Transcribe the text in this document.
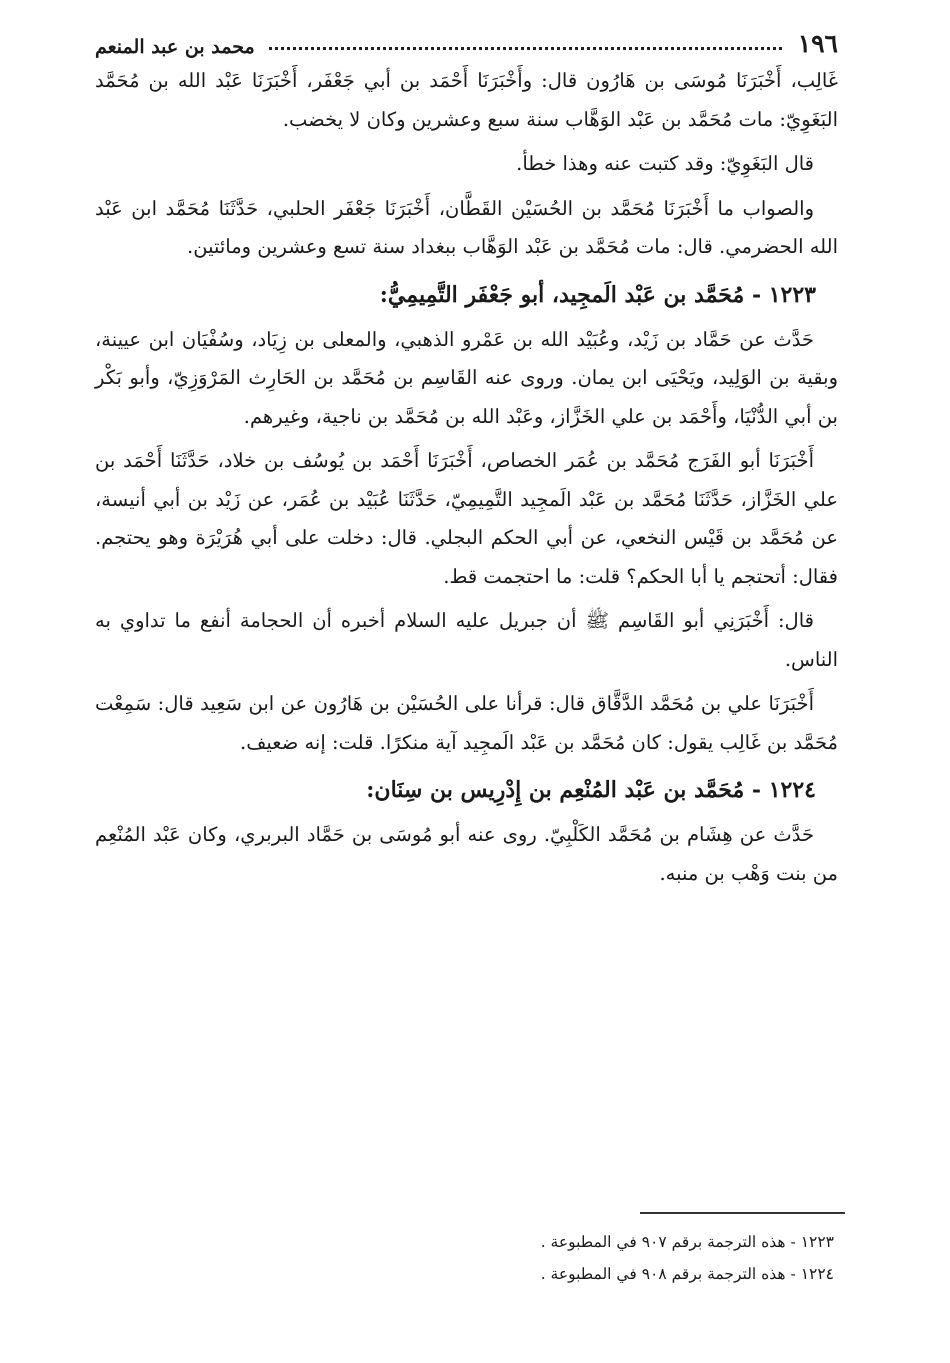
١٩٦
محمد بن عبد المنعم

غَالِب، أَخْبَرَنَا مُوسَى بن هَارُون قال: وأَخْبَرَنَا أَحْمَد بن أبي جَعْفَر، أَخْبَرَنَا عَبْد الله بن مُحَمَّد البَغَوِيّ: مات مُحَمَّد بن عَبْد الوَهَّاب سنة سبع وعشرين وكان لا يخضب.

قال البَغَوِيّ: وقد كتبت عنه وهذا خطأ.

والصواب ما أَخْبَرَنَا مُحَمَّد بن الحُسَيْن القَطَّان، أَخْبَرَنَا جَعْفَر الحلبي، حَدَّثَنَا مُحَمَّد ابن عَبْد الله الحضرمي. قال: مات مُحَمَّد بن عَبْد الوَهَّاب ببغداد سنة تسع وعشرين ومائتين.

١٢٢٣ - مُحَمَّد بن عَبْد الَمجِيد، أبو جَعْفَر التَّمِيمِيُّ:

حَدَّث عن حَمَّاد بن زَيْد، وعُبَيْد الله بن عَمْرو الذهبي، والمعلى بن زِيَاد، وسُفْيَان ابن عيينة، وبقية بن الوَلِيد، ويَحْيَى ابن يمان. وروى عنه القَاسِم بن مُحَمَّد بن الحَارِث المَرْوَزِيّ، وأبو بَكْر بن أبي الدُّنْيَا، وأَحْمَد بن علي الخَزَّاز، وعَبْد الله بن مُحَمَّد بن ناجية، وغيرهم.

أَخْبَرَنَا أبو الفَرَج مُحَمَّد بن عُمَر الخصاص، أَخْبَرَنَا أَحْمَد بن يُوسُف بن خلاد، حَدَّثَنَا أَحْمَد بن علي الخَزَّاز، حَدَّثَنَا مُحَمَّد بن عَبْد الَمجِيد التَّمِيمِيّ، حَدَّثَنَا عُبَيْد بن عُمَر، عن زَيْد بن أبي أنيسة، عن مُحَمَّد بن قَيْس النخعي، عن أبي الحكم البجلي. قال: دخلت على أبي هُرَيْرَة وهو يحتجم. فقال: أتحتجم يا أبا الحكم؟ قلت: ما احتجمت قط.

قال: أَخْبَرَنِي أبو القَاسِم ﷺ أن جبريل عليه السلام أخبره أن الحجامة أنفع ما تداوي به الناس.

أَخْبَرَنَا علي بن مُحَمَّد الدَّقَّاق قال: قرأنا على الحُسَيْن بن هَارُون عن ابن سَعِيد قال: سَمِعْت مُحَمَّد بن غَالِب يقول: كان مُحَمَّد بن عَبْد الَمجِيد آية منكرًا. قلت: إنه ضعيف.

١٢٢٤ - مُحَمَّد بن عَبْد المُنْعِم بن إِدْرِيس بن سِنَان:

حَدَّث عن هِشَام بن مُحَمَّد الكَلْبِيّ. روى عنه أبو مُوسَى بن حَمَّاد البربري، وكان عَبْد المُنْعِم من بنت وَهْب بن منبه.

١٢٢٣ - هذه الترجمة برقم ٩٠٧ في المطبوعة .
١٢٢٤ - هذه الترجمة برقم ٩٠٨ في المطبوعة .
